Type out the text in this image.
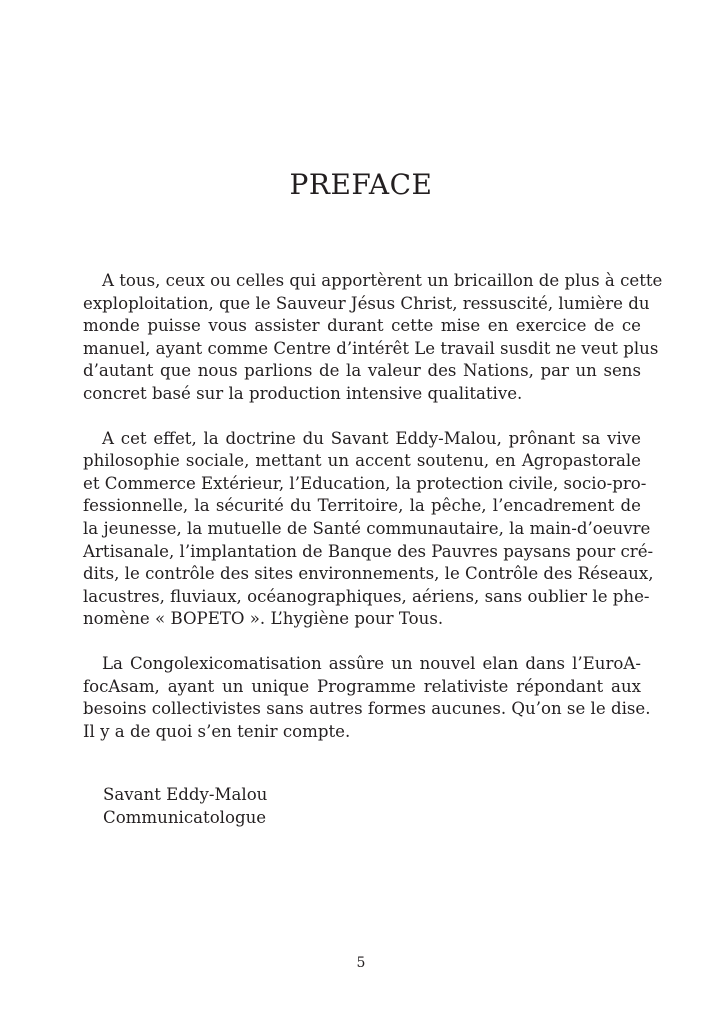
PREFACE

A tous, ceux ou celles qui apportèrent un bricaillon de plus à cette
exploploitation, que le Sauveur Jésus Christ, ressuscité, lumière du
monde puisse vous assister durant cette mise en exercice de ce
manuel, ayant comme Centre d’intérêt Le travail susdit ne veut plus
d’autant que nous parlions de la valeur des Nations, par un sens
concret basé sur la production intensive qualitative.

A cet effet, la doctrine du Savant Eddy-Malou, prônant sa vive
philosophie sociale, mettant un accent soutenu, en Agropastorale
et Commerce Extérieur, l’Education, la protection civile, socio-pro-
fessionnelle, la sécurité du Territoire, la pêche, l’encadrement de
la jeunesse, la mutuelle de Santé communautaire, la main-d’oeuvre
Artisanale, l’implantation de Banque des Pauvres paysans pour cré-
dits, le contrôle des sites environnements, le Contrôle des Réseaux,
lacustres, fluviaux, océanographiques, aériens, sans oublier le phe-
nomène « BOPETO ». L’hygiène pour Tous.

La Congolexicomatisation assûre un nouvel elan dans l’EuroA-
focAsam, ayant un unique Programme relativiste répondant aux
besoins collectivistes sans autres formes aucunes. Qu’on se le dise.
Il y a de quoi s’en tenir compte.

Savant Eddy-Malou
Communicatologue
5
